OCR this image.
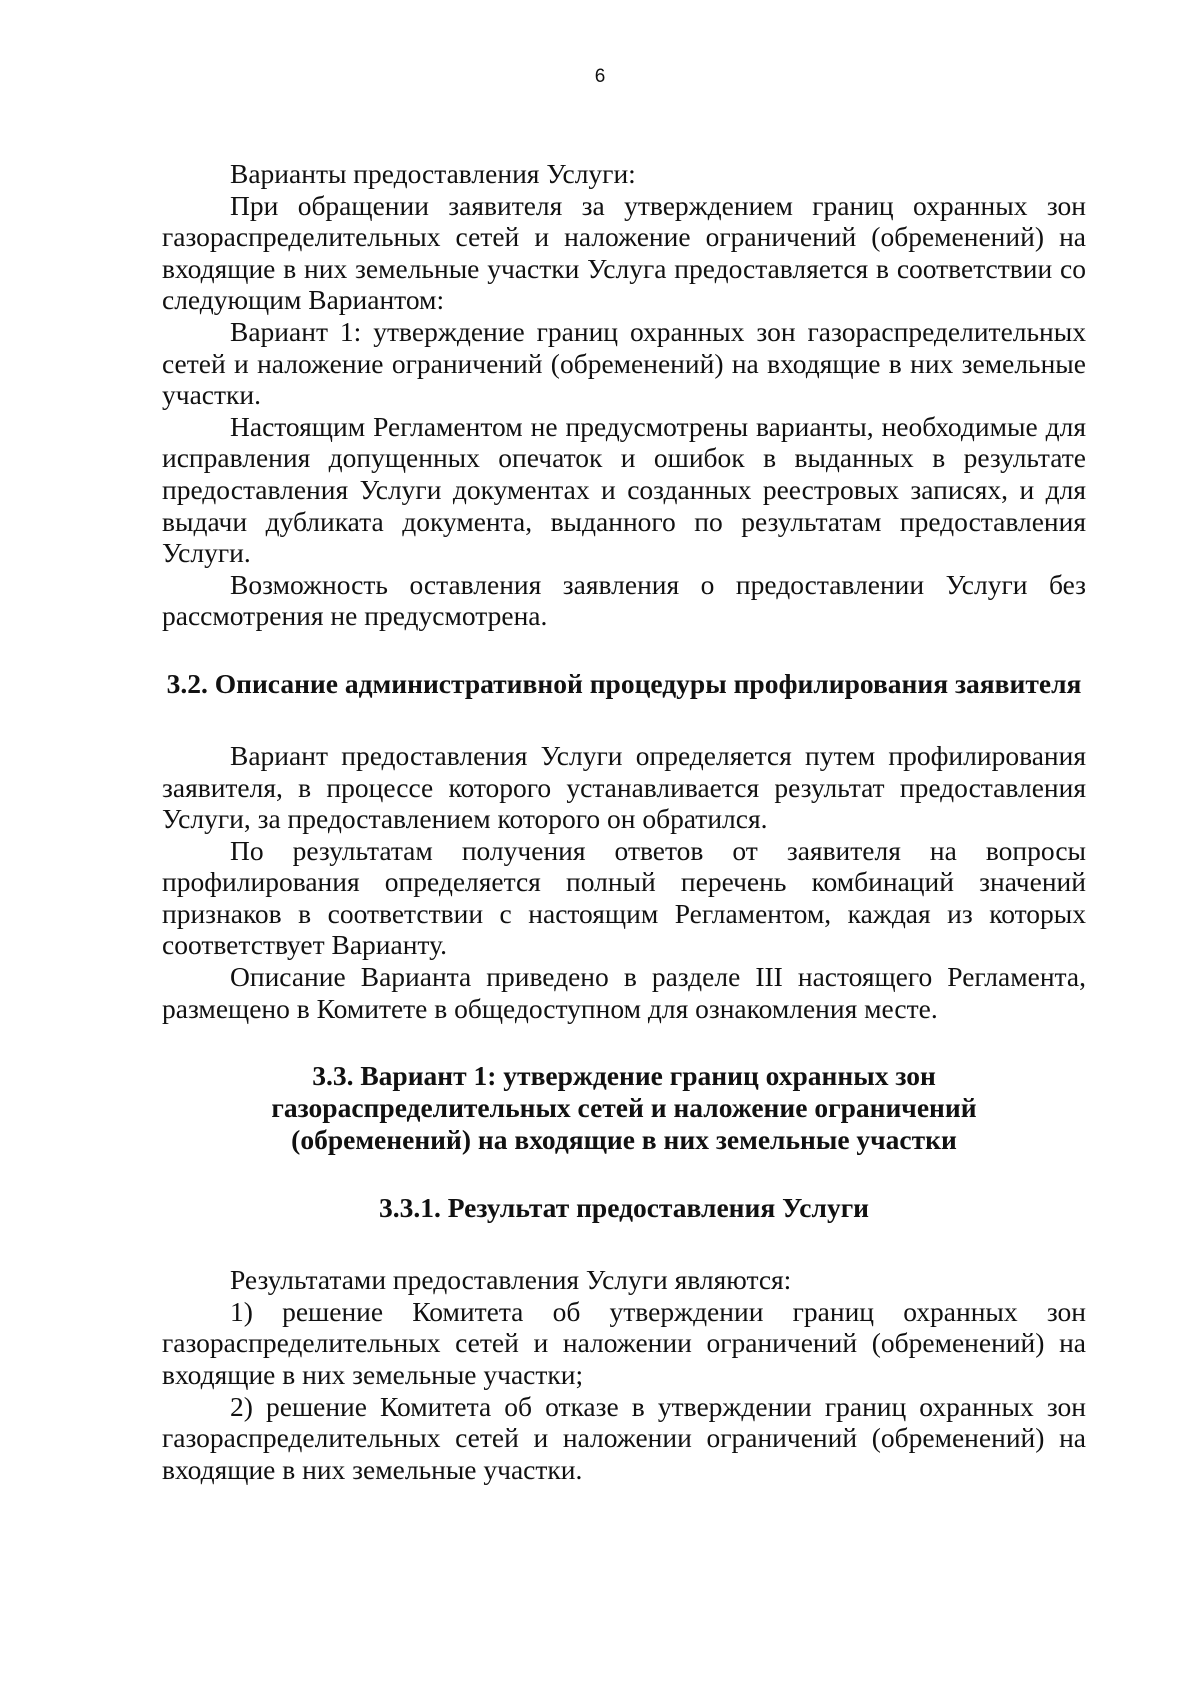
6

Варианты предоставления Услуги:

При обращении заявителя за утверждением границ охранных зон газораспределительных сетей и наложение ограничений (обременений) на входящие в них земельные участки Услуга предоставляется в соответствии со следующим Вариантом:

Вариант 1: утверждение границ охранных зон газораспределительных сетей и наложение ограничений (обременений) на входящие в них земельные участки.

Настоящим Регламентом не предусмотрены варианты, необходимые для исправления допущенных опечаток и ошибок в выданных в результате предоставления Услуги документах и созданных реестровых записях, и для выдачи дубликата документа, выданного по результатам предоставления Услуги.

Возможность оставления заявления о предоставлении Услуги без рассмотрения не предусмотрена.

3.2. Описание административной процедуры профилирования заявителя

Вариант предоставления Услуги определяется путем профилирования заявителя, в процессе которого устанавливается результат предоставления Услуги, за предоставлением которого он обратился.

По результатам получения ответов от заявителя на вопросы профилирования определяется полный перечень комбинаций значений признаков в соответствии с настоящим Регламентом, каждая из которых соответствует Варианту.

Описание Варианта приведено в разделе III настоящего Регламента, размещено в Комитете в общедоступном для ознакомления месте.

3.3. Вариант 1: утверждение границ охранных зон газораспределительных сетей и наложение ограничений (обременений) на входящие в них земельные участки
3.3.1. Результат предоставления Услуги

Результатами предоставления Услуги являются:

1) решение Комитета об утверждении границ охранных зон газораспределительных сетей и наложении ограничений (обременений) на входящие в них земельные участки;

2) решение Комитета об отказе в утверждении границ охранных зон газораспределительных сетей и наложении ограничений (обременений) на входящие в них земельные участки.
